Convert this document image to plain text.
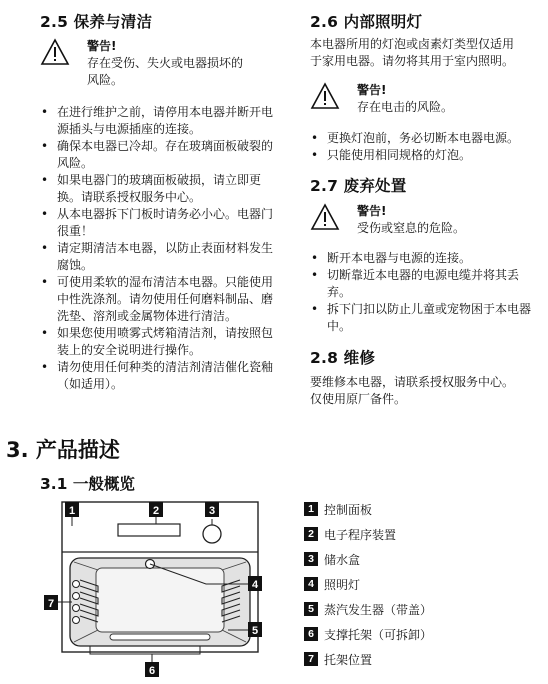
2.5 保养与清洁
警告!
存在受伤、失火或电器损坏的
风险。
• 在进行维护之前，请停用本电器并断开电源插头与电源插座的连接。
• 确保本电器已冷却。存在玻璃面板破裂的风险。
• 如果电器门的玻璃面板破损，请立即更换。请联系授权服务中心。
• 从本电器拆下门板时请务必小心。电器门很重！
• 请定期清洁本电器，以防止表面材料发生腐蚀。
• 可使用柔软的湿布清洁本电器。只能使用中性洗涤剂。请勿使用任何磨料制品、磨洗垫、溶剂或金属物体进行清洁。
• 如果您使用喷雾式烤箱清洁剂，请按照包装上的安全说明进行操作。
• 请勿使用任何种类的清洁剂清洁催化瓷釉（如适用）。
2.6 内部照明灯

本电器所用的灯泡或卤素灯类型仅适用
于家用电器。请勿将其用于室内照明。

警告!
存在电击的风险。
• 更换灯泡前，务必切断本电器电源。
• 只能使用相同规格的灯泡。
2.7 废弃处置
警告!
受伤或窒息的危险。
• 断开本电器与电源的连接。
• 切断靠近本电器的电源电缆并将其丢弃。
• 拆下门扣以防止儿童或宠物困于本电器中。
2.8 维修

要维修本电器，请联系授权服务中心。
仅使用原厂备件。

3. 产品描述
3.1 一般概览
1	2	3
4
5
6
7
1 控制面板
2 电子程序装置
3 储水盒
4 照明灯
5 蒸汽发生器（带盖）
6 支撑托架（可拆卸）
7 托架位置
